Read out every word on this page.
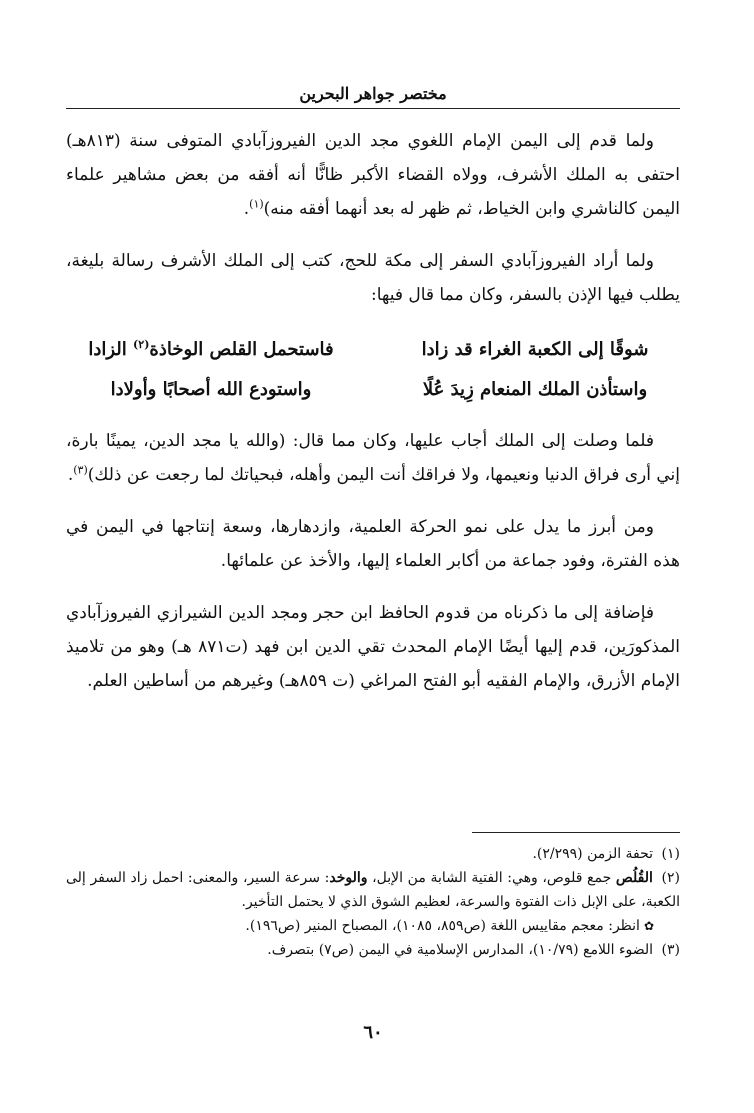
مختصر جواهر البحرين

ولما قدم إلى اليمن الإمام اللغوي مجد الدين الفيروزآبادي المتوفى سنة (٨١٣هـ) احتفى به الملك الأشرف، وولاه القضاء الأكبر ظانًّا أنه أفقه من بعض مشاهير علماء اليمن كالناشري وابن الخياط، ثم ظهر له بعد أنهما أفقه منه)$^{(١)}$.

ولما أراد الفيروزآبادي السفر إلى مكة للحج، كتب إلى الملك الأشرف رسالة بليغة، يطلب فيها الإذن بالسفر، وكان مما قال فيها:

شوقًا إلى الكعبة الغراء قد زادا
فاستحمل القلص الوخاذة$^{(٢)}$ الزادا
واستأذن الملك المنعام زِيدَ عُلًا
واستودع الله أصحابًا وأولادا

فلما وصلت إلى الملك أجاب عليها، وكان مما قال: (والله يا مجد الدين، يمينًا بارة، إني أرى فراق الدنيا ونعيمها، ولا فراقك أنت اليمن وأهله، فبحياتك لما رجعت عن ذلك)$^{(٣)}$.

ومن أبرز ما يدل على نمو الحركة العلمية، وازدهارها، وسعة إنتاجها في اليمن في هذه الفترة، وفود جماعة من أكابر العلماء إليها، والأخذ عن علمائها.

فإضافة إلى ما ذكرناه من قدوم الحافظ ابن حجر ومجد الدين الشيرازي الفيروزآبادي المذكورَين، قدم إليها أيضًا الإمام المحدث تقي الدين ابن فهد (ت٨٧١ هـ) وهو من تلاميذ الإمام الأزرق، والإمام الفقيه أبو الفتح المراغي (ت ٨٥٩هـ) وغيرهم من أساطين العلم.

(١) تحفة الزمن (٢/٢٩٩).

(٢) القُلُص جمع قلوص، وهي: الفتية الشابة من الإبل، والوخد: سرعة السير، والمعنى: احمل زاد السفر إلى الكعبة، على الإبل ذات الفتوة والسرعة، لعظيم الشوق الذي لا يحتمل التأخير.

✿انظر: معجم مقاييس اللغة (ص٨٥٩، ١٠٨٥)، المصباح المنير (ص١٩٦).

(٣) الضوء اللامع (١٠/٧٩)، المدارس الإسلامية في اليمن (ص٧) بتصرف.

٦٠
